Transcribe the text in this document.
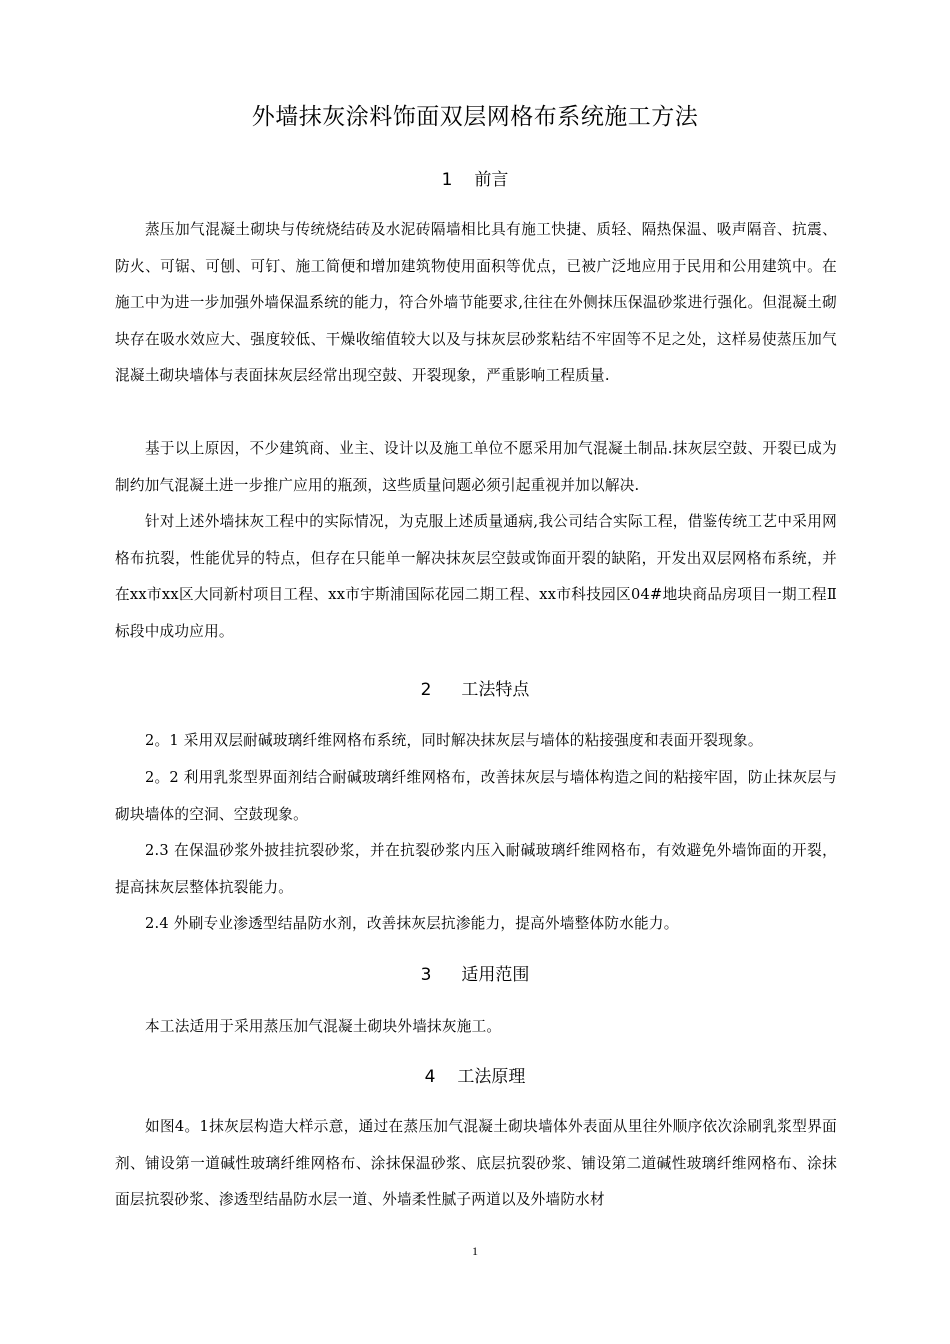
外墙抹灰涂料饰面双层网格布系统施工方法
1 前言
蒸压加气混凝土砌块与传统烧结砖及水泥砖隔墙相比具有施工快捷、质轻、隔热保温、吸声隔音、抗震、防火、可锯、可刨、可钉、施工简便和增加建筑物使用面积等优点，已被广泛地应用于民用和公用建筑中。在施工中为进一步加强外墙保温系统的能力，符合外墙节能要求,往往在外侧抹压保温砂浆进行强化。但混凝土砌块存在吸水效应大、强度较低、干燥收缩值较大以及与抹灰层砂浆粘结不牢固等不足之处，这样易使蒸压加气混凝土砌块墙体与表面抹灰层经常出现空鼓、开裂现象，严重影响工程质量.
基于以上原因，不少建筑商、业主、设计以及施工单位不愿采用加气混凝土制品.抹灰层空鼓、开裂已成为制约加气混凝土进一步推广应用的瓶颈，这些质量问题必须引起重视并加以解决.
针对上述外墙抹灰工程中的实际情况，为克服上述质量通病,我公司结合实际工程，借鉴传统工艺中采用网格布抗裂，性能优异的特点，但存在只能单一解决抹灰层空鼓或饰面开裂的缺陷，开发出双层网格布系统，并在xx市xx区大同新村项目工程、xx市宇斯浦国际花园二期工程、xx市科技园区04#地块商品房项目一期工程Ⅱ标段中成功应用。
2 工法特点
2。1 采用双层耐碱玻璃纤维网格布系统，同时解决抹灰层与墙体的粘接强度和表面开裂现象。
2。2 利用乳浆型界面剂结合耐碱玻璃纤维网格布，改善抹灰层与墙体构造之间的粘接牢固，防止抹灰层与砌块墙体的空洞、空鼓现象。
2.3 在保温砂浆外披挂抗裂砂浆，并在抗裂砂浆内压入耐碱玻璃纤维网格布，有效避免外墙饰面的开裂，提高抹灰层整体抗裂能力。
2.4 外刷专业渗透型结晶防水剂，改善抹灰层抗渗能力，提高外墙整体防水能力。
3 适用范围
本工法适用于采用蒸压加气混凝土砌块外墙抹灰施工。
4 工法原理
如图4。1抹灰层构造大样示意，通过在蒸压加气混凝土砌块墙体外表面从里往外顺序依次涂刷乳浆型界面剂、铺设第一道碱性玻璃纤维网格布、涂抹保温砂浆、底层抗裂砂浆、铺设第二道碱性玻璃纤维网格布、涂抹面层抗裂砂浆、渗透型结晶防水层一道、外墙柔性腻子两道以及外墙防水材
1
